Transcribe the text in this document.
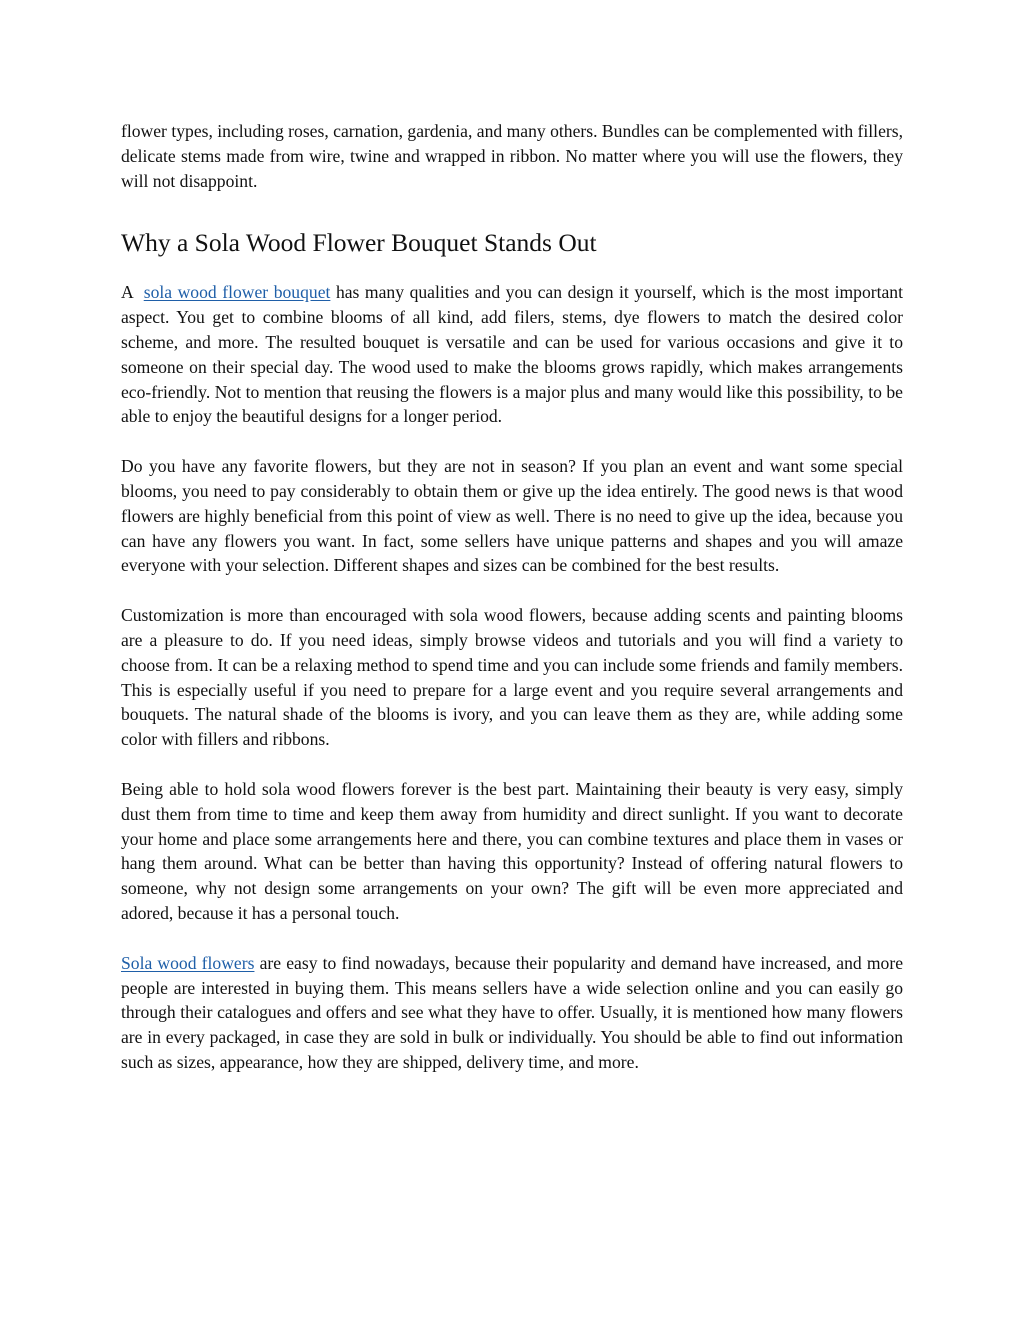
flower types, including roses, carnation, gardenia, and many others. Bundles can be complemented with fillers, delicate stems made from wire, twine and wrapped in ribbon. No matter where you will use the flowers, they will not disappoint.

Why a Sola Wood Flower Bouquet Stands Out

A sola wood flower bouquet has many qualities and you can design it yourself, which is the most important aspect. You get to combine blooms of all kind, add filers, stems, dye flowers to match the desired color scheme, and more. The resulted bouquet is versatile and can be used for various occasions and give it to someone on their special day. The wood used to make the blooms grows rapidly, which makes arrangements eco-friendly. Not to mention that reusing the flowers is a major plus and many would like this possibility, to be able to enjoy the beautiful designs for a longer period.

Do you have any favorite flowers, but they are not in season? If you plan an event and want some special blooms, you need to pay considerably to obtain them or give up the idea entirely. The good news is that wood flowers are highly beneficial from this point of view as well. There is no need to give up the idea, because you can have any flowers you want. In fact, some sellers have unique patterns and shapes and you will amaze everyone with your selection. Different shapes and sizes can be combined for the best results.

Customization is more than encouraged with sola wood flowers, because adding scents and painting blooms are a pleasure to do. If you need ideas, simply browse videos and tutorials and you will find a variety to choose from. It can be a relaxing method to spend time and you can include some friends and family members. This is especially useful if you need to prepare for a large event and you require several arrangements and bouquets. The natural shade of the blooms is ivory, and you can leave them as they are, while adding some color with fillers and ribbons.

Being able to hold sola wood flowers forever is the best part. Maintaining their beauty is very easy, simply dust them from time to time and keep them away from humidity and direct sunlight. If you want to decorate your home and place some arrangements here and there, you can combine textures and place them in vases or hang them around. What can be better than having this opportunity? Instead of offering natural flowers to someone, why not design some arrangements on your own? The gift will be even more appreciated and adored, because it has a personal touch.

Sola wood flowers are easy to find nowadays, because their popularity and demand have increased, and more people are interested in buying them. This means sellers have a wide selection online and you can easily go through their catalogues and offers and see what they have to offer. Usually, it is mentioned how many flowers are in every packaged, in case they are sold in bulk or individually. You should be able to find out information such as sizes, appearance, how they are shipped, delivery time, and more.
